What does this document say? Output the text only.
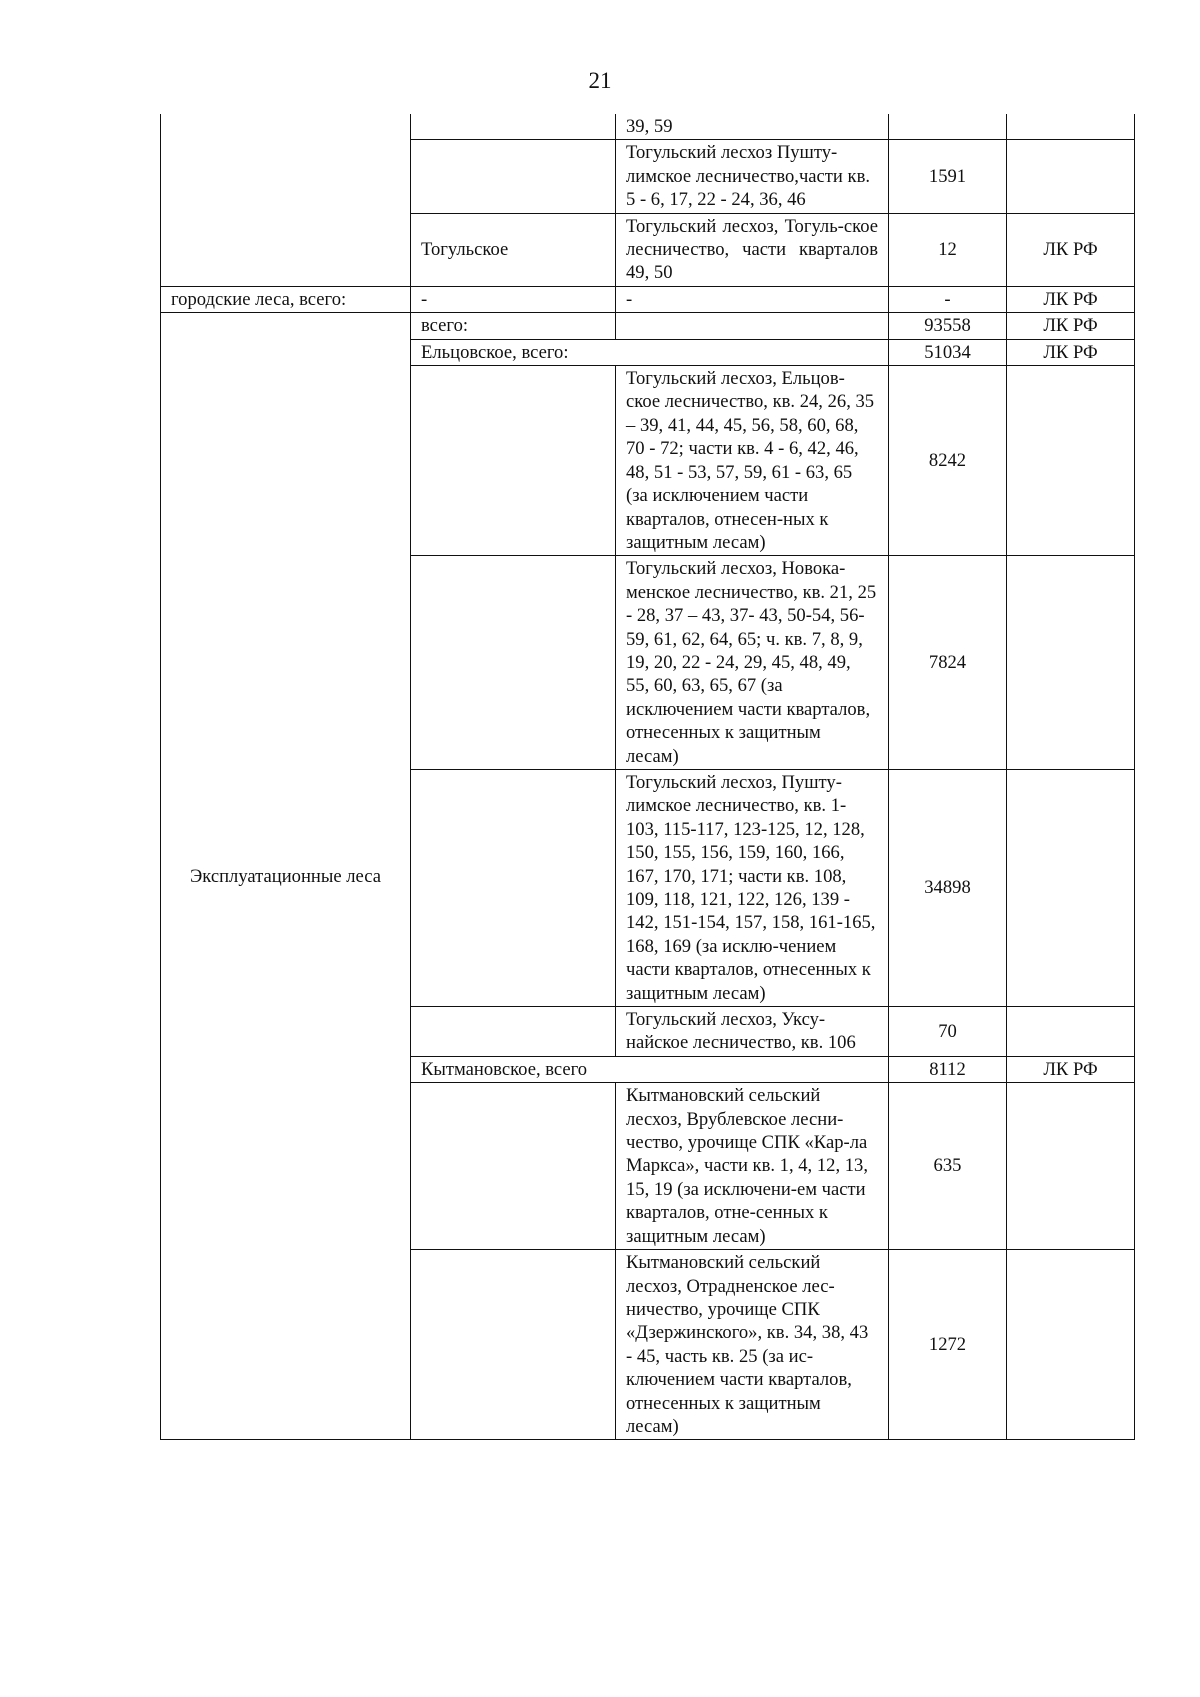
21
		39, 59		
		Тогульский лесхоз Пушту-лимское лесничество,части кв. 5 - 6, 17, 22 - 24, 36, 46	1591	
	Тогульское	Тогульский лесхоз, Тогуль-ское лесничество, части кварталов 49, 50	12	ЛК РФ
городские леса, всего:	-	-	-	ЛК РФ
Эксплуатационные леса	всего:		93558	ЛК РФ
	Ельцовское, всего:		51034	ЛК РФ
		Тогульский лесхоз, Ельцов-ское лесничество, кв. 24, 26, 35 – 39, 41, 44, 45, 56, 58, 60, 68, 70 - 72; части кв. 4 - 6, 42, 46, 48, 51 - 53, 57, 59, 61 - 63, 65 (за исключением части кварталов, отнесен-ных к защитным лесам)	8242	
		Тогульский лесхоз, Новока-менское лесничество, кв. 21, 25 - 28, 37 – 43, 37- 43, 50-54, 56-59, 61, 62, 64, 65; ч. кв. 7, 8, 9, 19, 20, 22 - 24, 29, 45, 48, 49, 55, 60, 63, 65, 67 (за исключением части кварталов, отнесенных к защитным лесам)	7824	
		Тогульский лесхоз, Пушту-лимское лесничество, кв. 1-103, 115-117, 123-125, 12, 128, 150, 155, 156, 159, 160, 166, 167, 170, 171; части кв. 108, 109, 118, 121, 122, 126, 139 - 142, 151-154, 157, 158, 161-165, 168, 169 (за исклю-чением части кварталов, отнесенных к защитным лесам)	34898	
		Тогульский лесхоз, Уксу-найское лесничество, кв. 106	70	
	Кытмановское, всего		8112	ЛК РФ
		Кытмановский сельский лесхоз, Врублевское лесни-чество, урочище СПК «Кар-ла Маркса», части кв. 1, 4, 12, 13, 15, 19 (за исключени-ем части кварталов, отне-сенных к защитным лесам)	635	
		Кытмановский сельский лесхоз, Отрадненское лес-ничество, урочище СПК «Дзержинского», кв. 34, 38, 43 - 45, часть кв. 25 (за ис-ключением части кварталов, отнесенных к защитным лесам)	1272	
